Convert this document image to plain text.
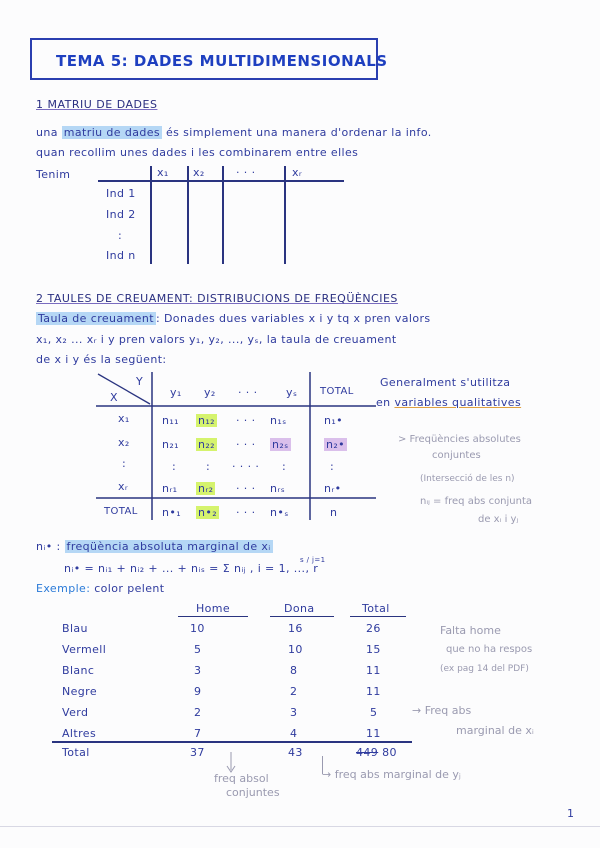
TEMA 5: DADES MULTIDIMENSIONALS
1 MATRIU DE DADES
una matriu de dades és simplement una manera d'ordenar la info.
quan recollim unes dades i les combinarem entre elles
Tenim	x₁ x₂	· · ·	xᵣ
Ind 1
Ind 2
:
Ind n
2 TAULES DE CREUAMENT: DISTRIBUCIONS DE FREQÜÈNCIES
Taula de creuament : Donades dues variables x i y tq x pren valors
x₁, x₂ ... xᵣ i y pren valors y₁, y₂, ..., yₛ, la taula de creuament
de x i y és la següent:
Y
X	y₁ y₂ · · ·	yₛ TOTAL
x₁	n₁₁ n₁₂ · · · n₁ₛ	n₁•
x₂	n₂₁ n₂₂ · · · n₂ₛ	n₂•
:	:	: · · · · :	:
xᵣ	nᵣ₁ nᵣ₂ · · · nᵣₛ	nᵣ•
TOTAL n•₁ n•₂ · · · n•ₛ	n
Generalment s'utilitza
en variables qualitatives
> Freqüències absolutes
conjuntes
(Intersecció de les n)
nᵢⱼ = freq abs conjunta
de xᵢ i yⱼ
nᵢ• : freqüència absoluta marginal de xᵢ
nᵢ• = nᵢ₁ + nᵢ₂ + ... + nᵢₛ = Σ nᵢⱼ , i = 1, ..., r
s / j=1
Exemple: color pelent
Home	Dona	Total
Blau	10	16	26
Vermell	5	10	15
Blanc	3	8	11
Negre	9	2	11
Verd	2	3	5
Altres	7	4	11
Total	37	43	449 80
Falta home
que no ha respos
(ex pag 14 del PDF)
→ Freq abs
marginal de xᵢ
freq absol
conjuntes
→ freq abs marginal de yⱼ
1
